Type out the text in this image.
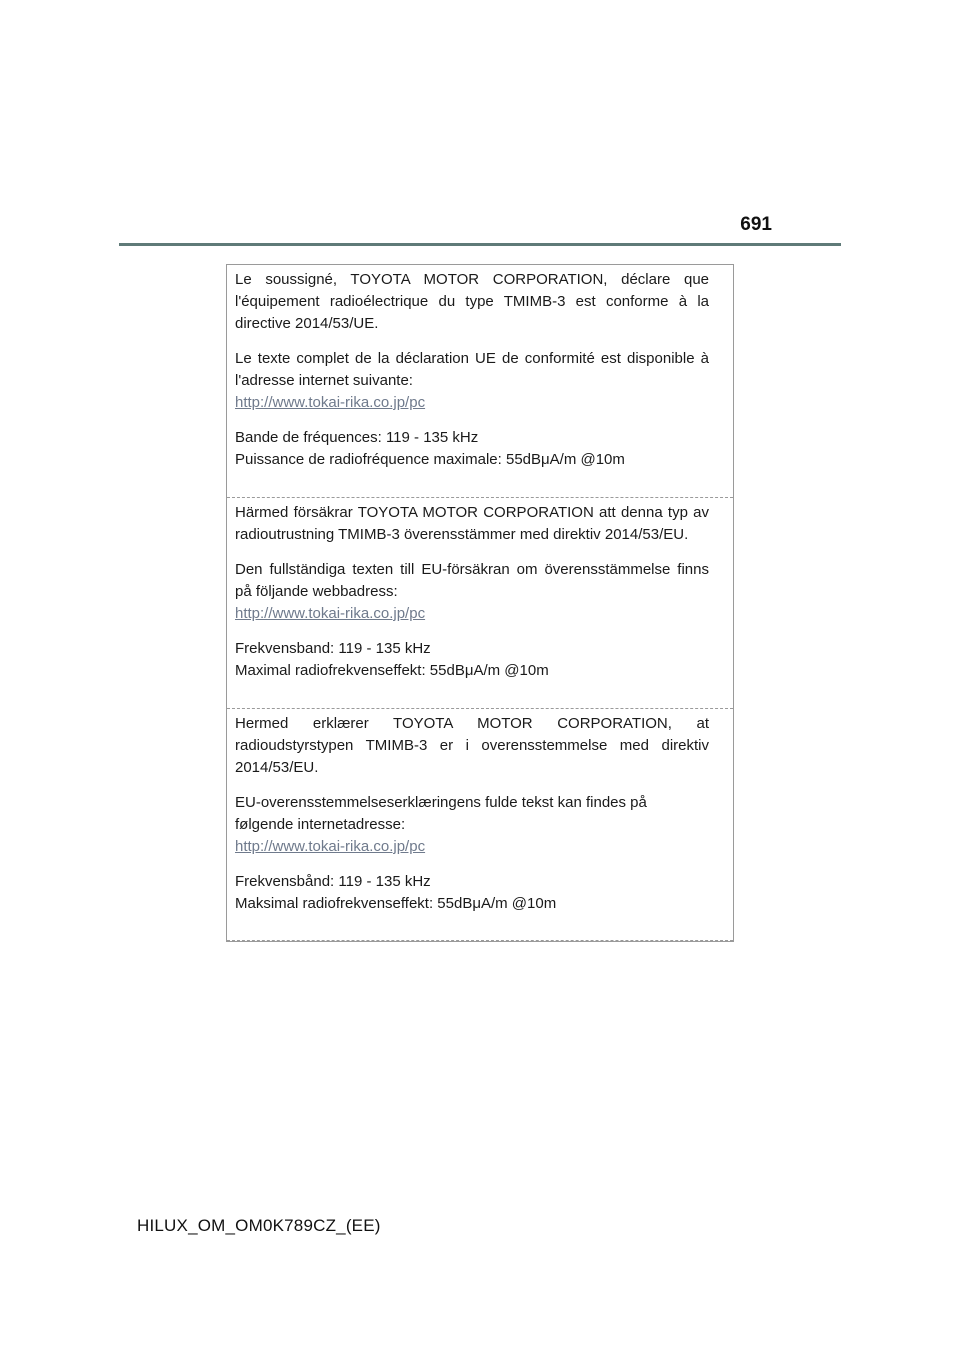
691

Le soussigné, TOYOTA MOTOR CORPORATION, déclare que l'équipement radioélectrique du type TMIMB-3 est conforme à la directive 2014/53/UE.

Le texte complet de la déclaration UE de conformité est disponible à l'adresse internet suivante:

http://www.tokai-rika.co.jp/pc

Bande de fréquences: 119 - 135 kHz

Puissance de radiofréquence maximale: 55dBμA/m @10m

Härmed försäkrar TOYOTA MOTOR CORPORATION att denna typ av radioutrustning TMIMB-3 överensstämmer med direktiv 2014/53/EU.

Den fullständiga texten till EU-försäkran om överensstämmelse finns på följande webbadress:

http://www.tokai-rika.co.jp/pc

Frekvensband: 119 - 135 kHz

Maximal radiofrekvenseffekt: 55dBμA/m @10m

Hermed erklærer TOYOTA MOTOR CORPORATION, at radioudstyrstypen TMIMB-3 er i overensstemmelse med direktiv 2014/53/EU.

EU-overensstemmelseserklæringens fulde tekst kan findes på

følgende internetadresse:

http://www.tokai-rika.co.jp/pc

Frekvensbånd: 119 - 135 kHz

Maksimal radiofrekvenseffekt: 55dBμA/m @10m

HILUX_OM_OM0K789CZ_(EE)
